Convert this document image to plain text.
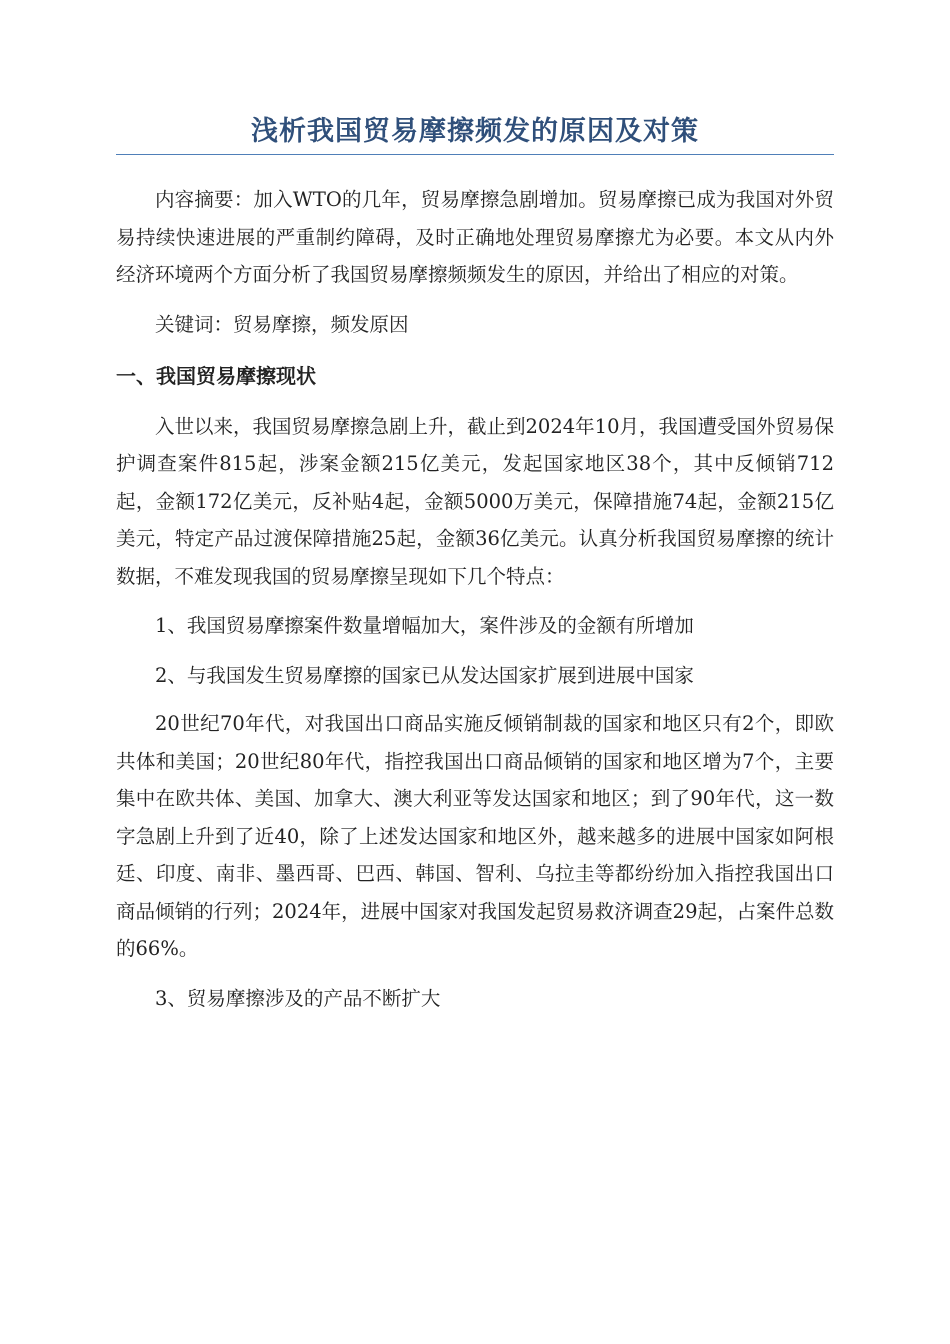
浅析我国贸易摩擦频发的原因及对策

内容摘要：加入WTO的几年，贸易摩擦急剧增加。贸易摩擦已成为我国对外贸易持续快速进展的严重制约障碍，及时正确地处理贸易摩擦尤为必要。本文从内外经济环境两个方面分析了我国贸易摩擦频频发生的原因，并给出了相应的对策。

关键词：贸易摩擦，频发原因

一、我国贸易摩擦现状

入世以来，我国贸易摩擦急剧上升，截止到2024年10月，我国遭受国外贸易保护调查案件815起，涉案金额215亿美元，发起国家地区38个，其中反倾销712起，金额172亿美元，反补贴4起，金额5000万美元，保障措施74起，金额215亿美元，特定产品过渡保障措施25起，金额36亿美元。认真分析我国贸易摩擦的统计数据，不难发现我国的贸易摩擦呈现如下几个特点：

1、我国贸易摩擦案件数量增幅加大，案件涉及的金额有所增加

2、与我国发生贸易摩擦的国家已从发达国家扩展到进展中国家

20世纪70年代，对我国出口商品实施反倾销制裁的国家和地区只有2个，即欧共体和美国；20世纪80年代，指控我国出口商品倾销的国家和地区增为7个，主要集中在欧共体、美国、加拿大、澳大利亚等发达国家和地区；到了90年代，这一数字急剧上升到了近40，除了上述发达国家和地区外，越来越多的进展中国家如阿根廷、印度、南非、墨西哥、巴西、韩国、智利、乌拉圭等都纷纷加入指控我国出口商品倾销的行列；2024年，进展中国家对我国发起贸易救济调查29起，占案件总数的66%。

3、贸易摩擦涉及的产品不断扩大
